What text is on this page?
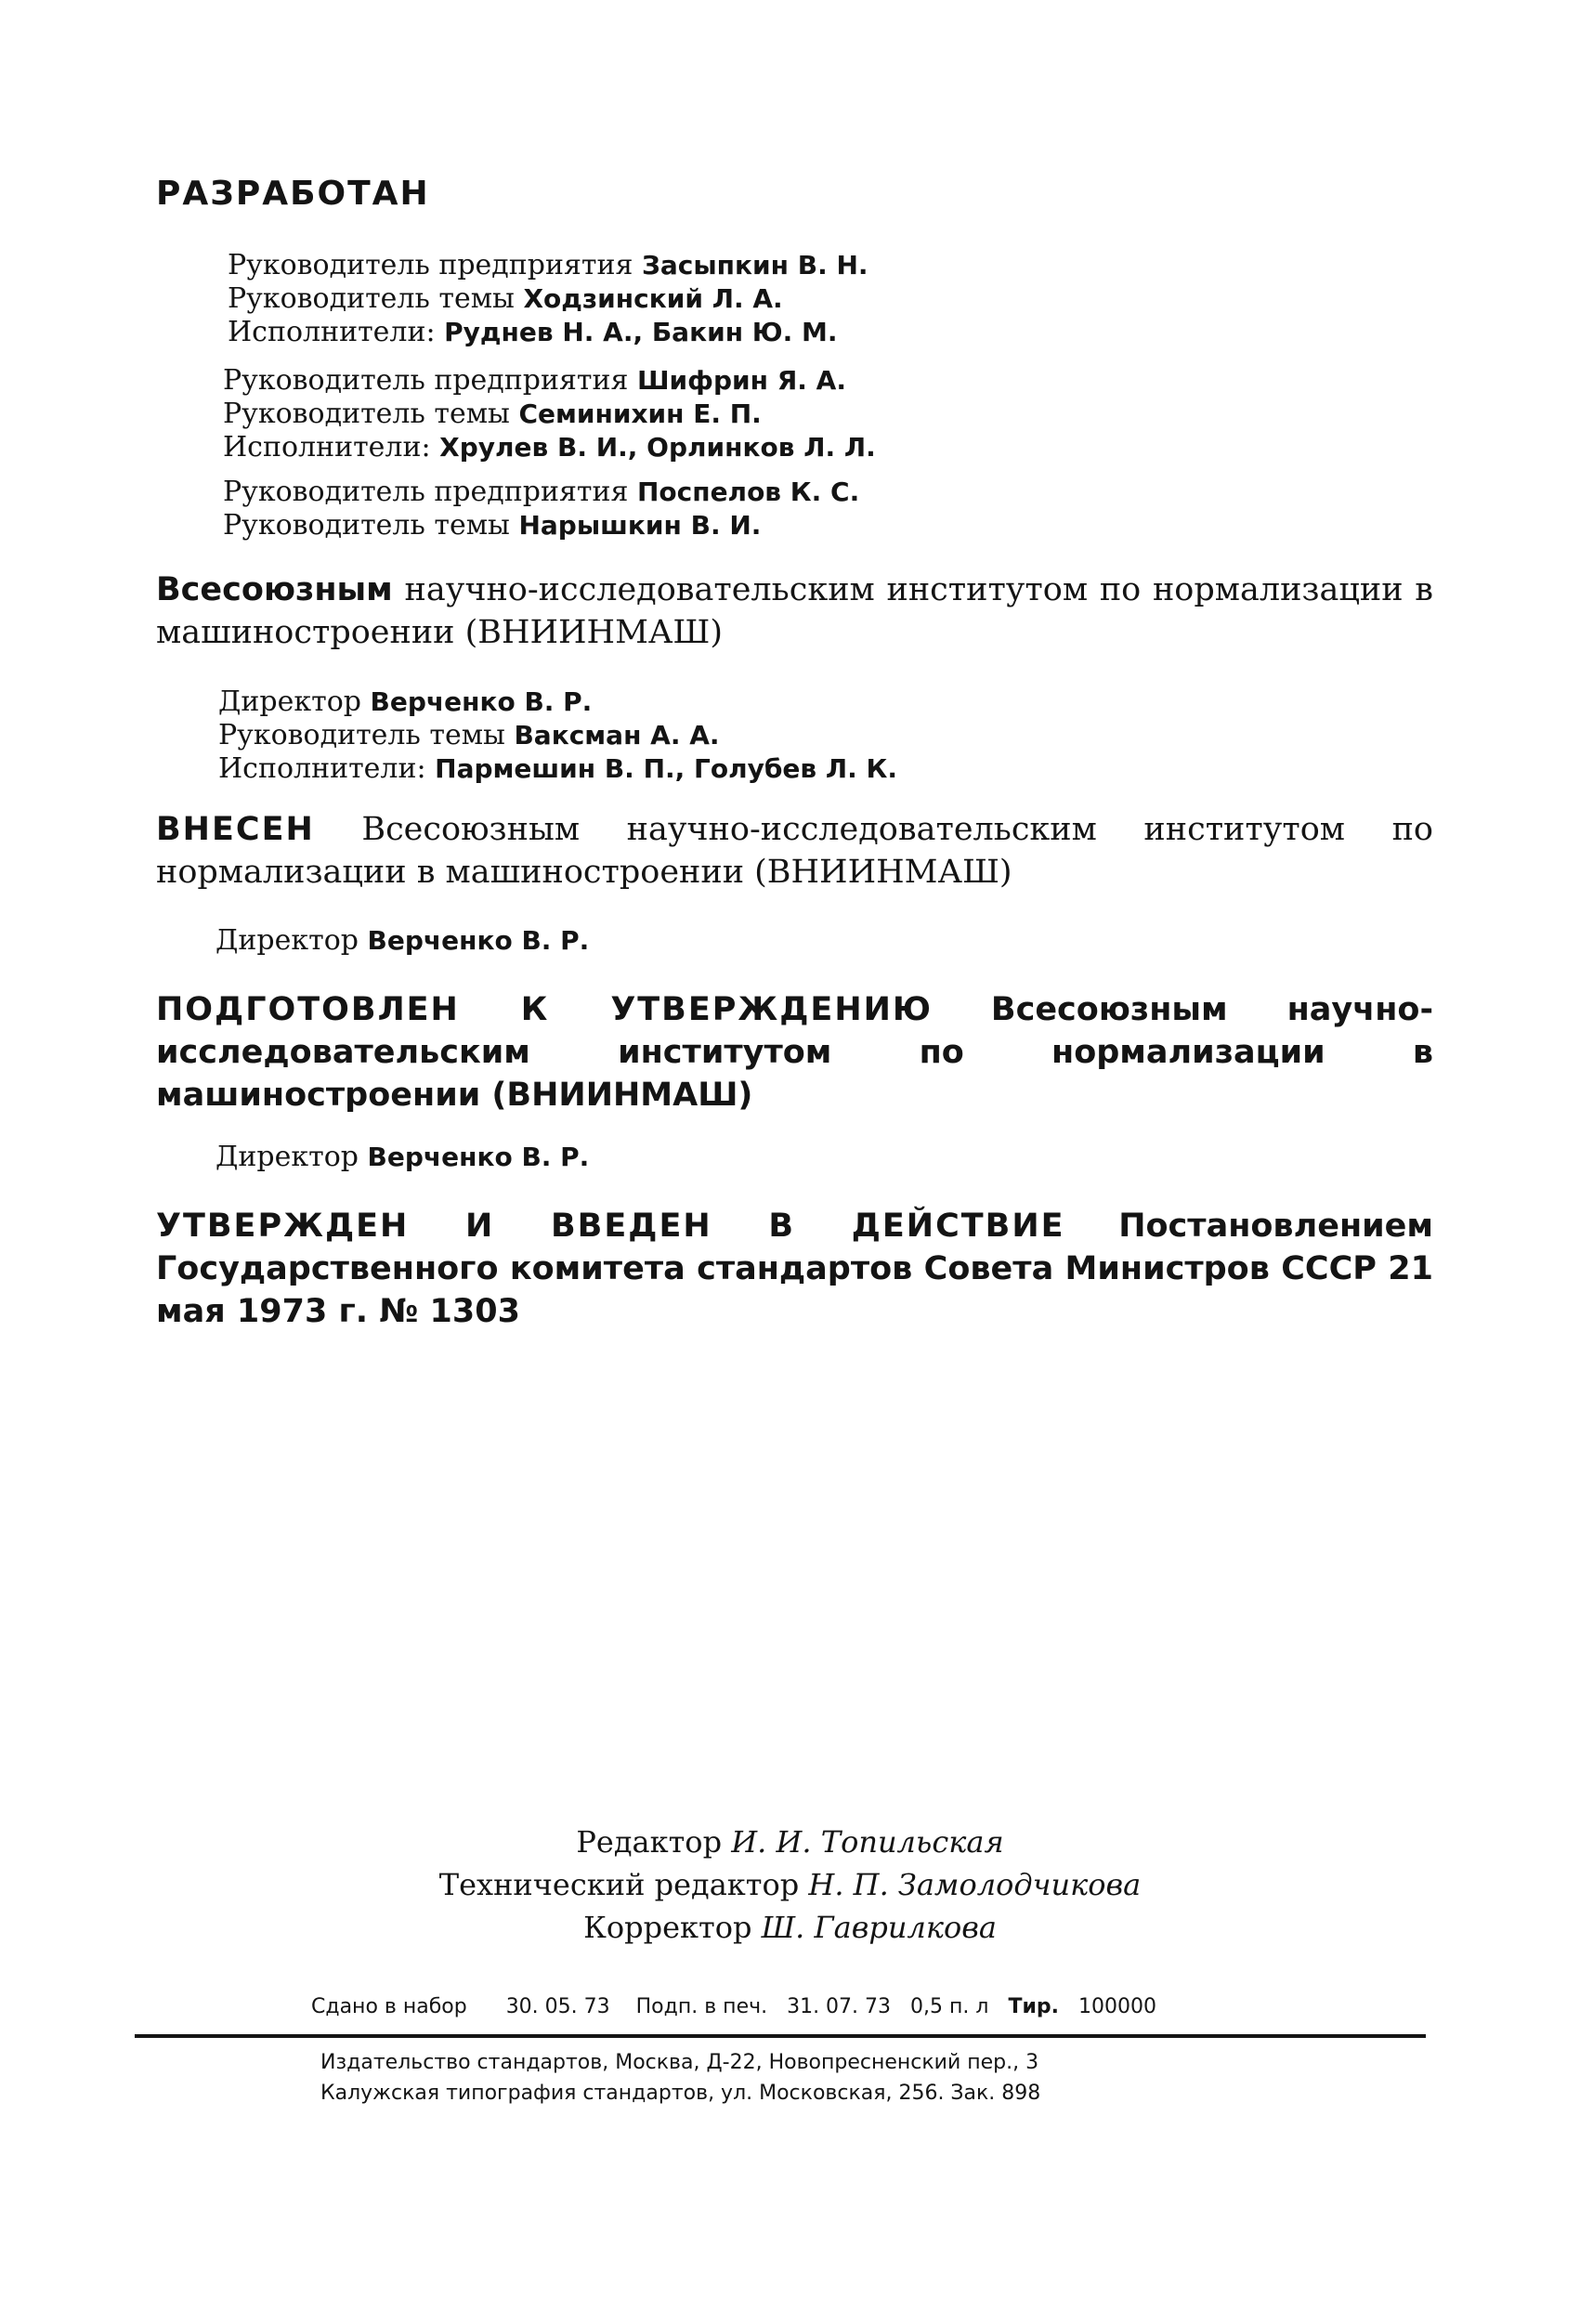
РАЗРАБОТАН
Руководитель предприятия Засыпкин В. Н.
Руководитель темы Ходзинский Л. А.
Исполнители: Руднев Н. А., Бакин Ю. М.
Руководитель предприятия Шифрин Я. А.
Руководитель темы Семинихин Е. П.
Исполнители: Хрулев В. И., Орлинков Л. Л.
Руководитель предприятия Поспелов К. С.
Руководитель темы Нарышкин В. И.
Всесоюзным научно-исследовательским институтом по нормализации в машиностроении (ВНИИНМАШ)
Директор Верченко В. Р.
Руководитель темы Ваксман А. А.
Исполнители: Пармешин В. П., Голубев Л. К.
ВНЕСЕН Всесоюзным научно-исследовательским институтом по нормализации в машиностроении (ВНИИНМАШ)
Директор Верченко В. Р.
ПОДГОТОВЛЕН К УТВЕРЖДЕНИЮ Всесоюзным научно-исследовательским институтом по нормализации в машиностроении (ВНИИНМАШ)
Директор Верченко В. Р.
УТВЕРЖДЕН И ВВЕДЕН В ДЕЙСТВИЕ Постановлением Государственного комитета стандартов Совета Министров СССР 21 мая 1973 г. № 1303
Редактор И. И. Топильская
Технический редактор Н. П. Замолодчикова
Корректор Ш. Гаврилкова
Сдано в набор 30. 05. 73 Подп. в печ. 31. 07. 73 0,5 п. л Тир. 100000
Издательство стандартов, Москва, Д-22, Новопресненский пер., 3
Калужская типография стандартов, ул. Московская, 256. Зак. 898
